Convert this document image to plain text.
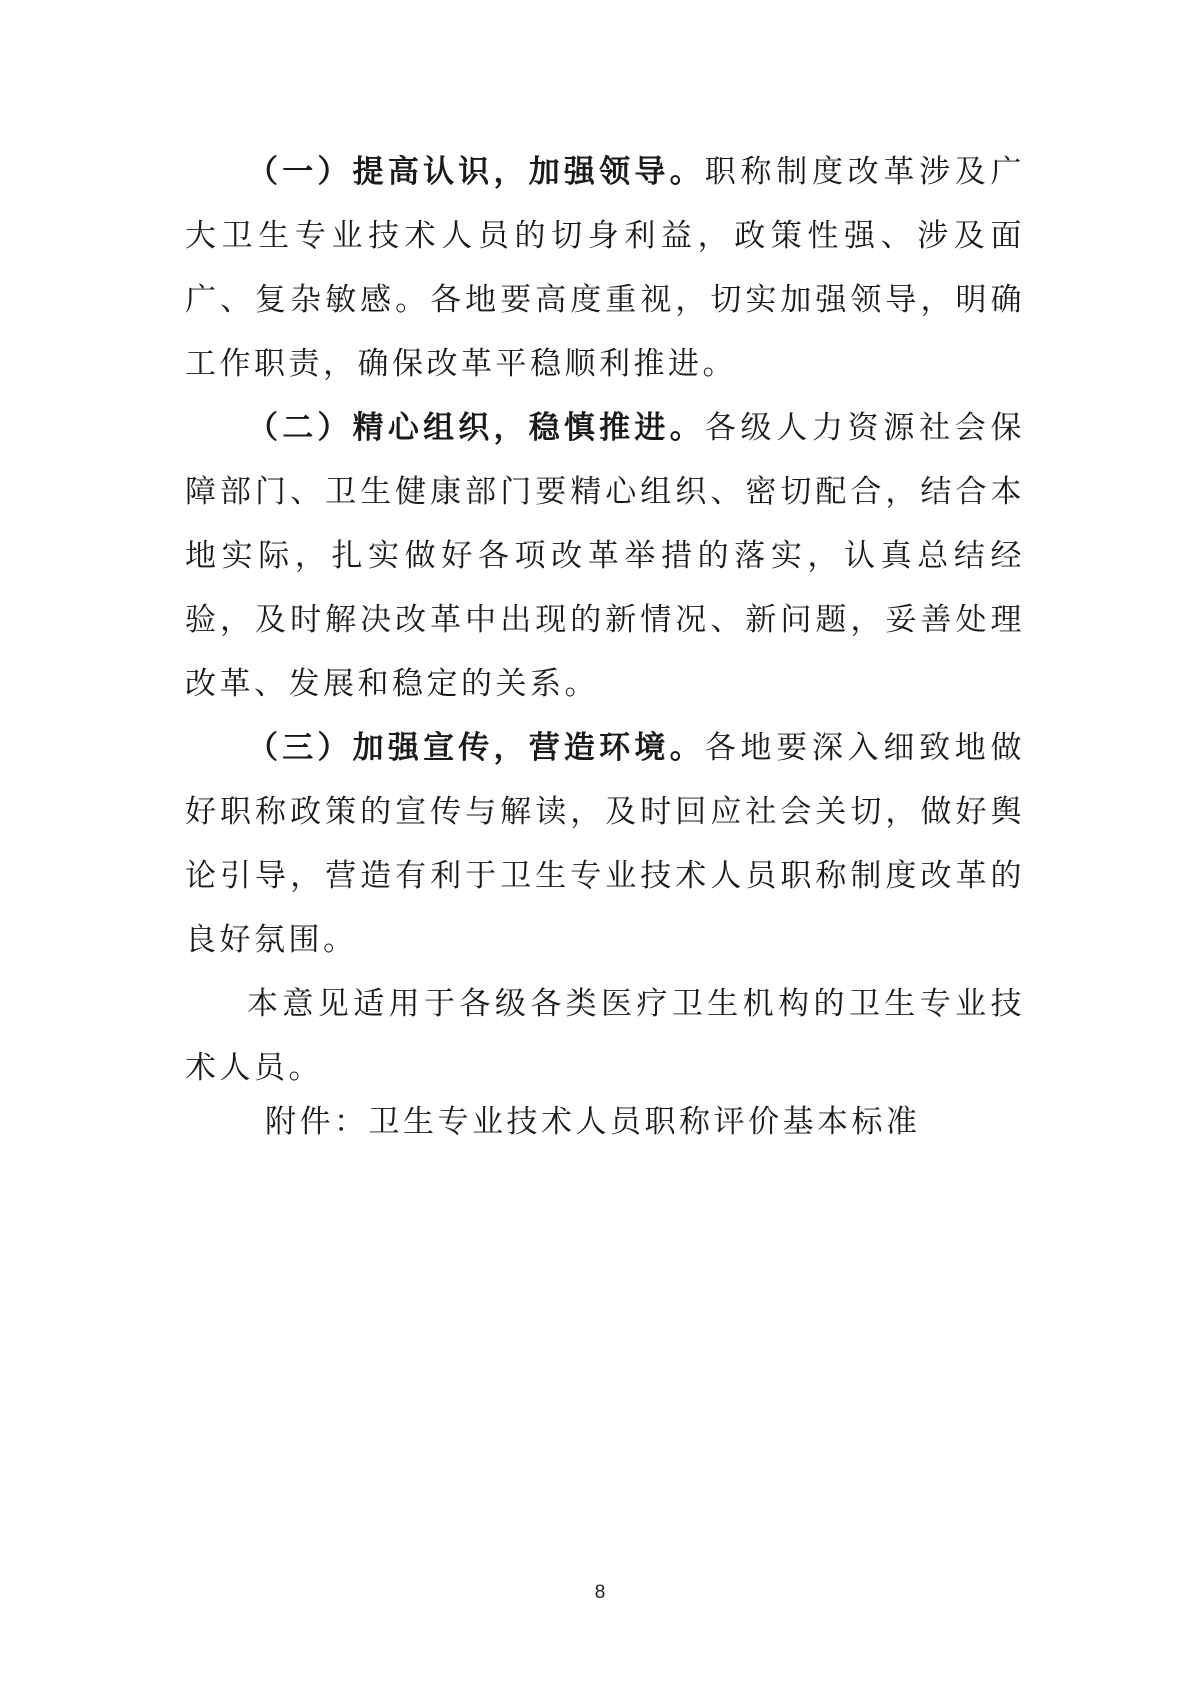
（一）提高认识，加强领导。职称制度改革涉及广大卫生专业技术人员的切身利益，政策性强、涉及面广、复杂敏感。各地要高度重视，切实加强领导，明确工作职责，确保改革平稳顺利推进。

（二）精心组织，稳慎推进。各级人力资源社会保障部门、卫生健康部门要精心组织、密切配合，结合本地实际，扎实做好各项改革举措的落实，认真总结经验，及时解决改革中出现的新情况、新问题，妥善处理改革、发展和稳定的关系。

（三）加强宣传，营造环境。各地要深入细致地做好职称政策的宣传与解读，及时回应社会关切，做好舆论引导，营造有利于卫生专业技术人员职称制度改革的良好氛围。

本意见适用于各级各类医疗卫生机构的卫生专业技术人员。

附件：卫生专业技术人员职称评价基本标准
8
